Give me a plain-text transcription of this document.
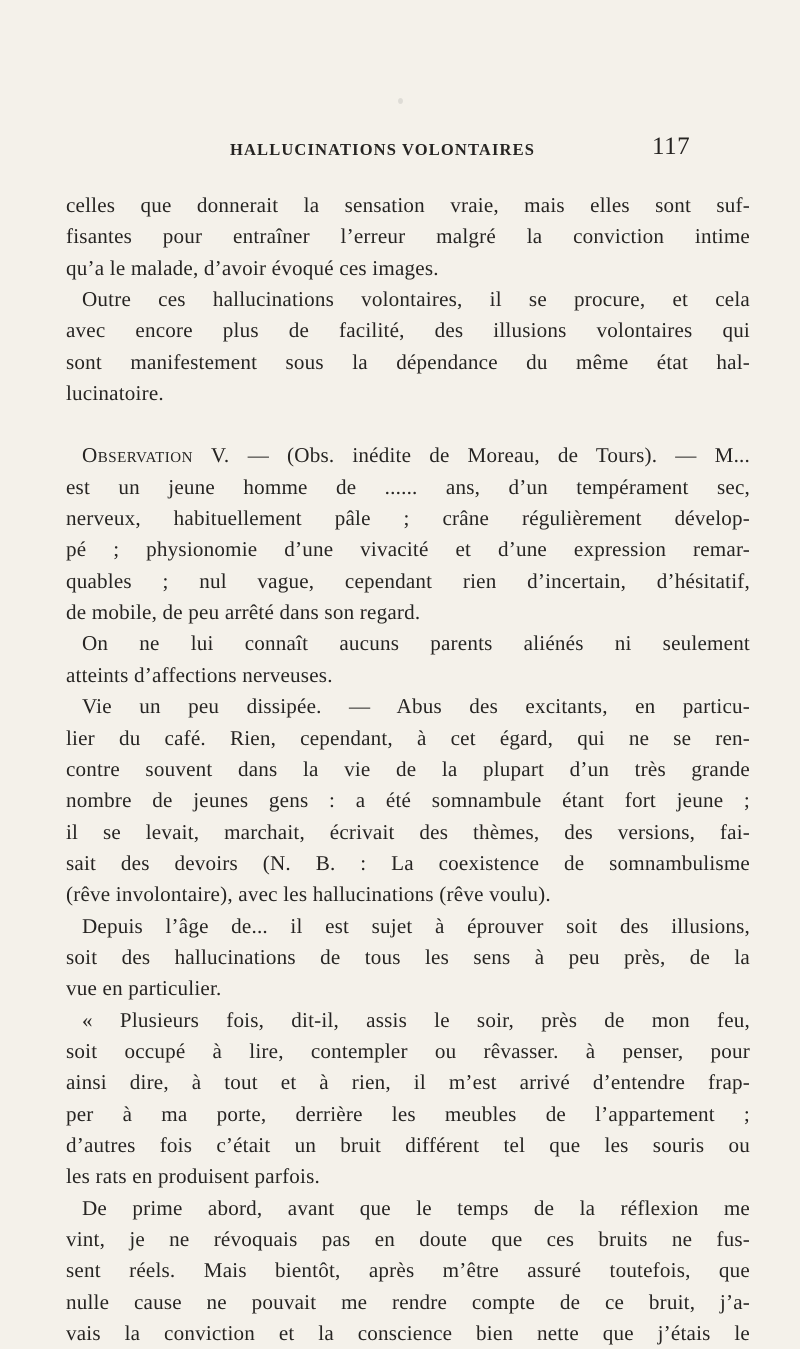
HALLUCINATIONS VOLONTAIRES	117
celles que donnerait la sensation vraie, mais elles sont suf-
fisantes pour entraîner l’erreur malgré la conviction intime
qu’a le malade, d’avoir évoqué ces images.
Outre ces hallucinations volontaires, il se procure, et cela
avec encore plus de facilité, des illusions volontaires qui
sont manifestement sous la dépendance du même état hal-
lucinatoire.
Observation V. — (Obs. inédite de Moreau, de Tours). — M...
est un jeune homme de ...... ans, d’un tempérament sec,
nerveux, habituellement pâle ; crâne régulièrement dévelop-
pé ; physionomie d’une vivacité et d’une expression remar-
quables ; nul vague, cependant rien d’incertain, d’hésitatif,
de mobile, de peu arrêté dans son regard.
On ne lui connaît aucuns parents aliénés ni seulement
atteints d’affections nerveuses.
Vie un peu dissipée. — Abus des excitants, en particu-
lier du café. Rien, cependant, à cet égard, qui ne se ren-
contre souvent dans la vie de la plupart d’un très grande
nombre de jeunes gens : a été somnambule étant fort jeune ;
il se levait, marchait, écrivait des thèmes, des versions, fai-
sait des devoirs (N. B. : La coexistence de somnambulisme
(rêve involontaire), avec les hallucinations (rêve voulu).
Depuis l’âge de... il est sujet à éprouver soit des illusions,
soit des hallucinations de tous les sens à peu près, de la
vue en particulier.
« Plusieurs fois, dit-il, assis le soir, près de mon feu,
soit occupé à lire, contempler ou rêvasser. à penser, pour
ainsi dire, à tout et à rien, il m’est arrivé d’entendre frap-
per à ma porte, derrière les meubles de l’appartement ;
d’autres fois c’était un bruit différent tel que les souris ou
les rats en produisent parfois.
De prime abord, avant que le temps de la réflexion me
vint, je ne révoquais pas en doute que ces bruits ne fus-
sent réels. Mais bientôt, après m’être assuré toutefois, que
nulle cause ne pouvait me rendre compte de ce bruit, j’a-
vais la conviction et la conscience bien nette que j’étais le
